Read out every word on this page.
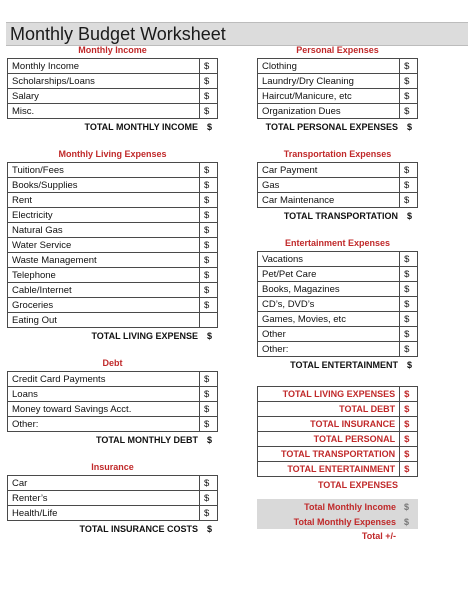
Monthly Budget Worksheet
Monthly Income
Monthly Income	$
Scholarships/Loans	$
Salary	$
Misc.	$
TOTAL MONTHLY INCOME $
Monthly Living Expenses
Tuition/Fees	$
Books/Supplies	$
Rent	$
Electricity	$
Natural Gas	$
Water Service	$
Waste Management	$
Telephone	$
Cable/Internet	$
Groceries	$
Eating Out	
TOTAL LIVING EXPENSE $
Debt
Credit Card Payments	$
Loans	$
Money toward Savings Acct.	$
Other:	$
TOTAL MONTHLY DEBT $
Insurance
Car	$
Renter’s	$
Health/Life	$
TOTAL INSURANCE COSTS $
Personal Expenses
Clothing	$
Laundry/Dry Cleaning	$
Haircut/Manicure, etc	$
Organization Dues	$
TOTAL PERSONAL EXPENSES $
Transportation Expenses
Car Payment	$
Gas	$
Car Maintenance	$
TOTAL TRANSPORTATION $
Entertainment Expenses
Vacations	$
Pet/Pet Care	$
Books, Magazines	$
CD’s, DVD’s	$
Games, Movies, etc	$
Other	$
Other:	$
TOTAL ENTERTAINMENT $
TOTAL LIVING EXPENSES	$
TOTAL DEBT	$
TOTAL INSURANCE	$
TOTAL PERSONAL	$
TOTAL TRANSPORTATION	$
TOTAL ENTERTAINMENT	$
TOTAL EXPENSES
Total Monthly Income	$
Total Monthly Expenses	$
Total +/-
